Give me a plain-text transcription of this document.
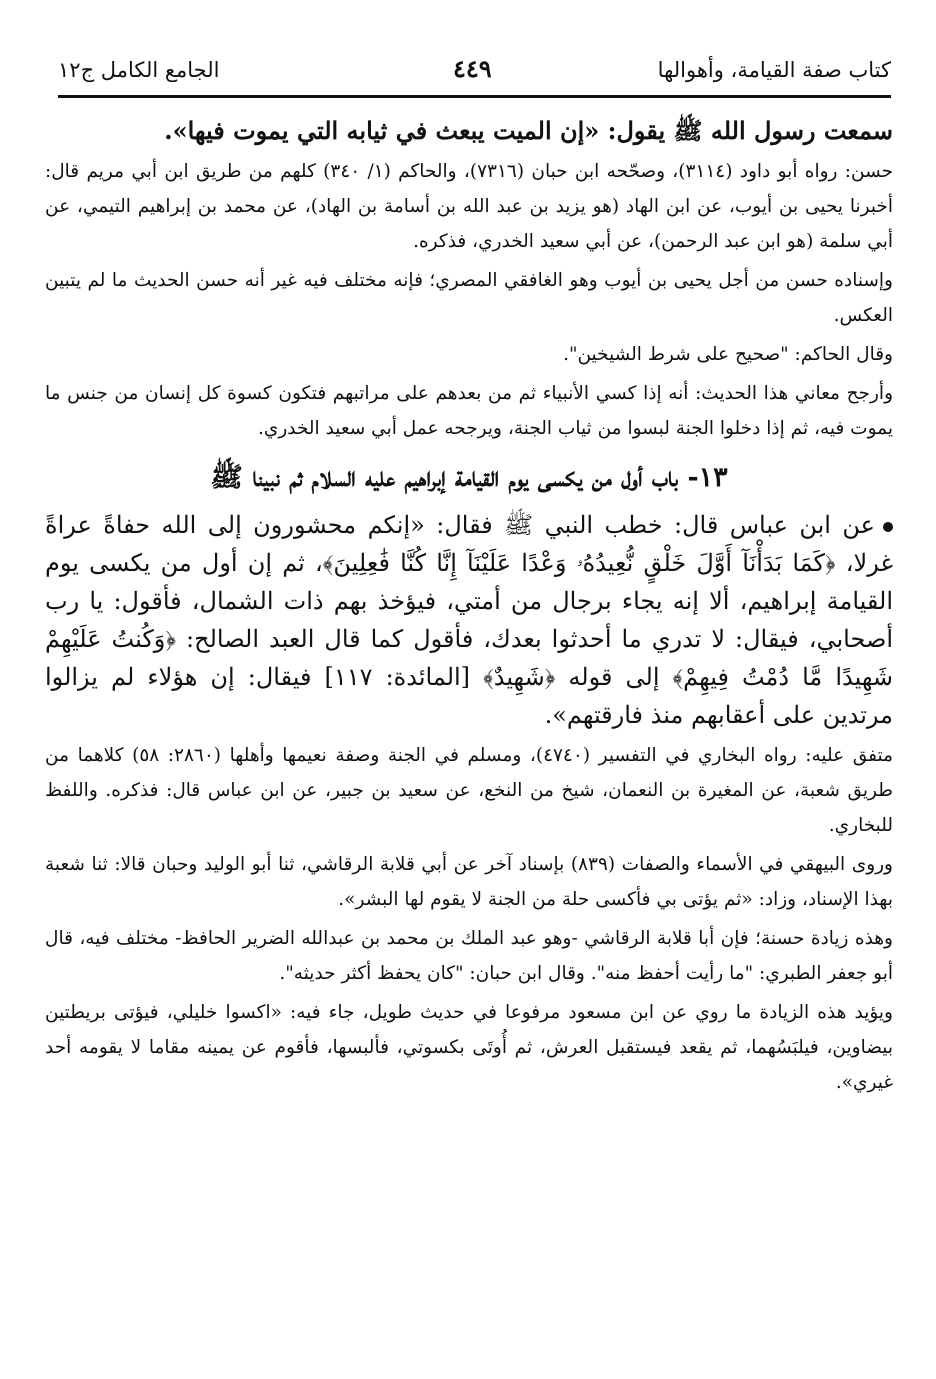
كتاب صفة القيامة، وأهوالها
٤٤٩
الجامع الكامل ج١٢

سمعت رسول الله ﷺ يقول: «إن الميت يبعث في ثيابه التي يموت فيها».

حسن: رواه أبو داود (٣١١٤)، وصحّحه ابن حبان (٧٣١٦)، والحاكم (١/ ٣٤٠) كلهم من طريق ابن أبي مريم قال: أخبرنا يحيى بن أيوب، عن ابن الهاد (هو يزيد بن عبد الله بن أسامة بن الهاد)، عن محمد بن إبراهيم التيمي، عن أبي سلمة (هو ابن عبد الرحمن)، عن أبي سعيد الخدري، فذكره.

وإسناده حسن من أجل يحيى بن أيوب وهو الغافقي المصري؛ فإنه مختلف فيه غير أنه حسن الحديث ما لم يتبين العكس.

وقال الحاكم: "صحيح على شرط الشيخين".

وأرجح معاني هذا الحديث: أنه إذا كسي الأنبياء ثم من بعدهم على مراتبهم فتكون كسوة كل إنسان من جنس ما يموت فيه، ثم إذا دخلوا الجنة لبسوا من ثياب الجنة، ويرجحه عمل أبي سعيد الخدري.

١٣- باب أول من يكسى يوم القيامة إبراهيم عليه السلام ثم نبينا ﷺ

عن ابن عباس قال: خطب النبي ﷺ فقال: «إنكم محشورون إلى الله حفاةً عراةً غرلا، ﴿كَمَا بَدَأْنَآ أَوَّلَ خَلْقٍ نُّعِيدُهُۥ وَعْدًا عَلَيْنَآ إِنَّا كُنَّا فَٰعِلِينَ﴾، ثم إن أول من يكسى يوم القيامة إبراهيم، ألا إنه يجاء برجال من أمتي، فيؤخذ بهم ذات الشمال، فأقول: يا رب أصحابي، فيقال: لا تدري ما أحدثوا بعدك، فأقول كما قال العبد الصالح: ﴿وَكُنتُ عَلَيْهِمْ شَهِيدًا مَّا دُمْتُ فِيهِمْ﴾ إلى قوله ﴿شَهِيدٌ﴾ [المائدة: ١١٧] فيقال: إن هؤلاء لم يزالوا مرتدين على أعقابهم منذ فارقتهم».

متفق عليه: رواه البخاري في التفسير (٤٧٤٠)، ومسلم في الجنة وصفة نعيمها وأهلها (٢٨٦٠: ٥٨) كلاهما من طريق شعبة، عن المغيرة بن النعمان، شيخ من النخع، عن سعيد بن جبير، عن ابن عباس قال: فذكره. واللفظ للبخاري.

وروى البيهقي في الأسماء والصفات (٨٣٩) بإسناد آخر عن أبي قلابة الرقاشي، ثنا أبو الوليد وحبان قالا: ثنا شعبة بهذا الإسناد، وزاد: «ثم يؤتى بي فأكسى حلة من الجنة لا يقوم لها البشر».

وهذه زيادة حسنة؛ فإن أبا قلابة الرقاشي -وهو عبد الملك بن محمد بن عبدالله الضرير الحافظ- مختلف فيه، قال أبو جعفر الطبري: "ما رأيت أحفظ منه". وقال ابن حبان: "كان يحفظ أكثر حديثه".

ويؤيد هذه الزيادة ما روي عن ابن مسعود مرفوعا في حديث طويل، جاء فيه: «اكسوا خليلي، فيؤتى بريطتين بيضاوين، فيلبَسُهما، ثم يقعد فيستقبل العرش، ثم أُوتَى بكسوتي، فألبسها، فأقوم عن يمينه مقاما لا يقومه أحد غيري».
